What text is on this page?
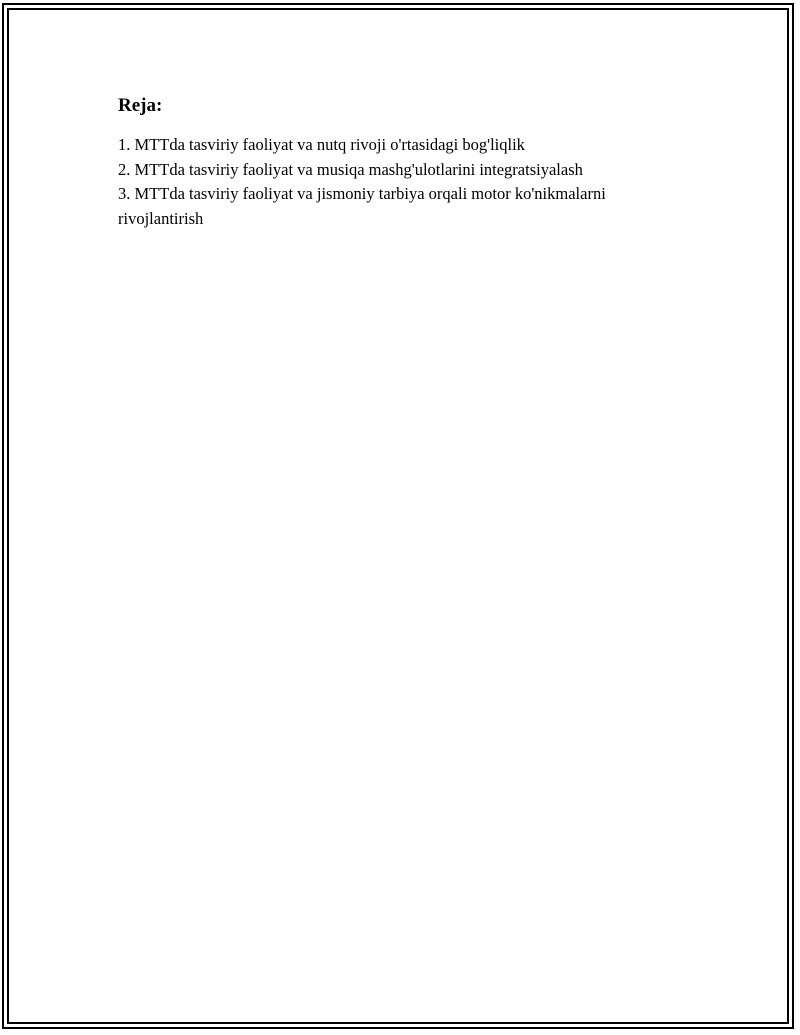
Reja:
1. MTTda tasviriy faoliyat va nutq rivoji o'rtasidagi bog'liqlik
2. MTTda tasviriy faoliyat va musiqa mashg'ulotlarini integratsiyalash
3. MTTda tasviriy faoliyat va jismoniy tarbiya orqali motor ko'nikmalarni rivojlantirish
